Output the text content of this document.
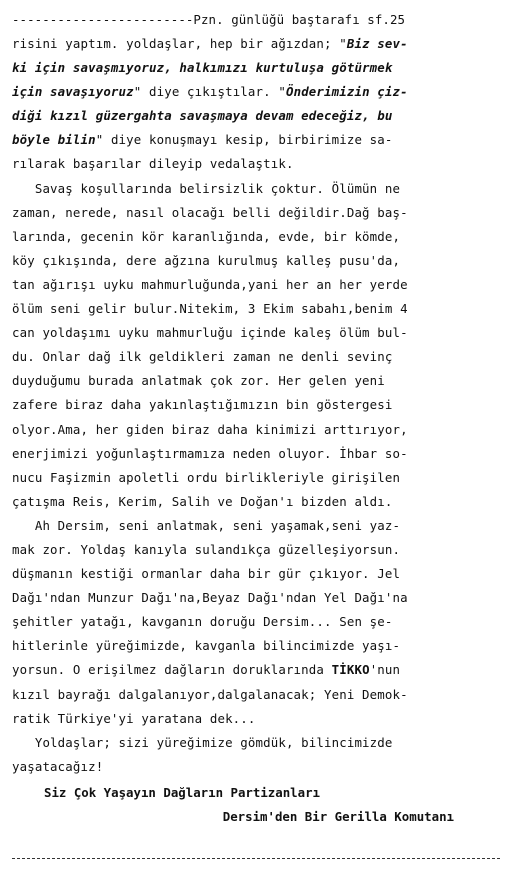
------------------------Pzn. günlüğü baştarafı sf.25
risini yaptım. yoldaşlar, hep bir ağızdan; "Biz sev-
ki için savaşmıyoruz, halkımızı kurtuluşa götürmek
için savaşıyoruz" diye çıkıştılar. "Önderimizin çiz-
diği kızıl güzergahta savaşmaya devam edeceğiz, bu
böyle bilin" diye konuşmayı kesip, birbirimize sa-
rılarak başarılar dileyip vedalaştık.
Savaş koşullarında belirsizlik çoktur. Ölümün ne
zaman, nerede, nasıl olacağı belli değildir.Dağ baş-
larında, gecenin kör karanlığında, evde, bir kömde,
köy çıkışında, dere ağzına kurulmuş kalleş pusu'da,
tan ağırışı uyku mahmurluğunda,yani her an her yerde
ölüm seni gelir bulur.Nitekim, 3 Ekim sabahı,benim 4
can yoldaşımı uyku mahmurluğu içinde kaleş ölüm bul-
du. Onlar dağ ilk geldikleri zaman ne denli sevinç
duyduğumu burada anlatmak çok zor. Her gelen yeni
zafere biraz daha yakınlaştığımızın bin göstergesi
olyor.Ama, her giden biraz daha kinimizi arttırıyor,
enerjimizi yoğunlaştırmamıza neden oluyor. İhbar so-
nucu Faşizmin apoletli ordu birlikleriyle girişilen
çatışma Reis, Kerim, Salih ve Doğan'ı bizden aldı.
Ah Dersim, seni anlatmak, seni yaşamak,seni yaz-
mak zor. Yoldaş kanıyla sulandıkça güzelleşiyorsun.
düşmanın kestiği ormanlar daha bir gür çıkıyor. Jel
Dağı'ndan Munzur Dağı'na,Beyaz Dağı'ndan Yel Dağı'na
şehitler yatağı, kavganın doruğu Dersim... Sen şe-
hitlerinle yüreğimizde, kavganla bilincimizde yaşı-
yorsun. O erişilmez dağların doruklarında TİKKO'nun
kızıl bayrağı dalgalanıyor,dalgalanacak; Yeni Demok-
ratik Türkiye'yi yaratana dek...
Yoldaşlar; sizi yüreğimize gömdük, bilincimizde
yaşatacağız!
Siz Çok Yaşayın Dağların Partizanları
Dersim'den Bir Gerilla Komutanı
